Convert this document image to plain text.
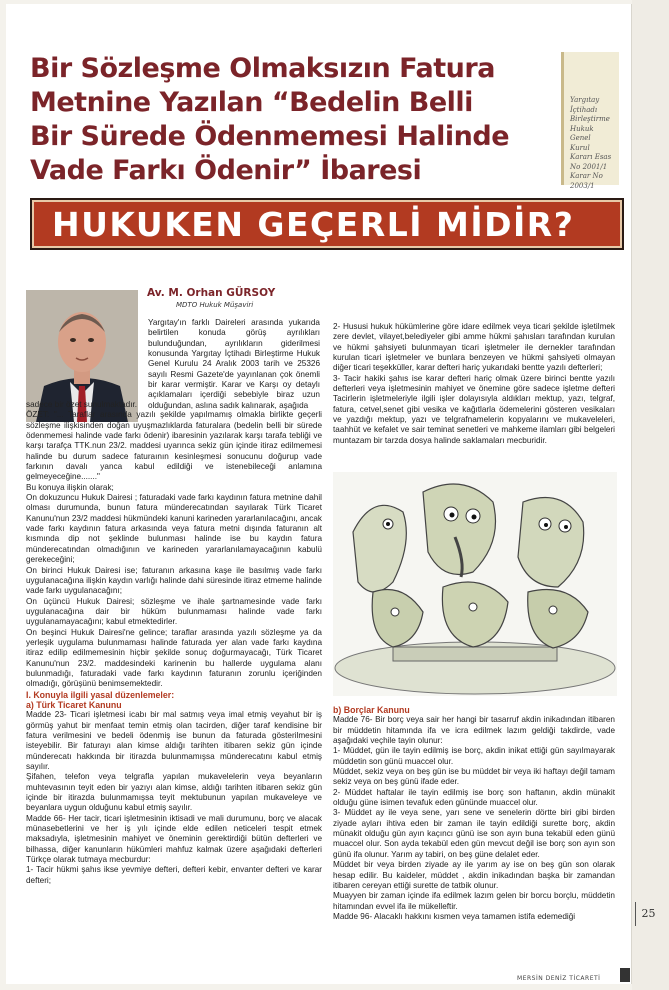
Bir Sözleşme Olmaksızın Fatura
Metnine Yazılan “Bedelin Belli
Bir Sürede Ödenmemesi Halinde
Vade Farkı Ödenir” İbaresi
Yargıtay
İçtihadı
Birleştirme
Hukuk Genel
Kurul
Kararı Esas
No 2001/1
Karar No
2003/1
HUKUKEN GEÇERLİ MİDİR?
Av. M. Orhan GÜRSOY
MDTO Hukuk Müşaviri

Yargıtay'ın farklı Daireleri arasında yukarıda belirtilen konuda görüş ayrılıkları bulunduğundan, ayrılıkların giderilmesi konusunda Yargıtay İçtihadı Birleştirme Hukuk Genel Kurulu 24 Aralık 2003 tarih ve 25326 sayılı Resmi Gazete'de yayınlanan çok önemli bir karar vermiştir. Karar ve Karşı oy detaylı açıklamaları içerdiği sebebiyle biraz uzun olduğundan, aslına sadık kalınarak, aşağıda

sadece bir özet sunulmaktadır.

ÖZET: "... Taraflar arasında yazılı şekilde yapılmamış olmakla birlikte geçerli sözleşme ilişkisinden doğan uyuşmazlıklarda faturalara (bedelin belli bir sürede ödenmemesi halinde vade farkı ödenir) ibaresinin yazılarak karşı tarafa tebliği ve karşı tarafça TTK.nun 23/2. maddesi uyarınca sekiz gün içinde itiraz edilmemesi halinde bu durum sadece faturaının kesinleşmesi sonucunu doğurup vade farkının davalı yanca kabul edildiği ve istenebileceği anlamına gelmeyeceğine......."

Bu konuya ilişkin olarak;

On dokuzuncu Hukuk Dairesi ; faturadaki vade farkı kaydının fatura metnine dahil olması durumunda, bunun fatura münderecatından sayılarak Türk Ticaret Kanunu'nun 23/2 maddesi hükmündeki kanuni karineden yararlanılacağını, ancak vade farkı kaydının fatura arkasında veya fatura metni dışında faturanın alt kısmında dip not şeklinde bulunması halinde ise bu kaydın fatura münderecatından olmadığının ve karineden yararlanılamayacağının kabulü gerekeceğini;

On birinci Hukuk Dairesi ise; faturanın arkasına kaşe ile basılmış vade farkı uygulanacağına ilişkin kaydın varlığı halinde dahi süresinde itiraz etmeme halinde vade farkı uygulanacağını;

On üçüncü Hukuk Dairesi; sözleşme ve ihale şartnamesinde vade farkı uygulanacağına dair bir hüküm bulunmaması halinde vade farkı uygulanamayacağını; kabul etmektedirler.

On beşinci Hukuk Dairesi'ne gelince; taraflar arasında yazılı sözleşme ya da yerleşik uygulama bulunmaması halinde faturada yer alan vade farkı kaydına itiraz edilip edilmemesinin hiçbir şekilde sonuç doğurmayacağı, Türk Ticaret Kanunu'nun 23/2. maddesindeki karinenin bu hallerde uygulama alanı bulunmadığı, faturadaki vade farkı kaydının faturanın zorunlu içeriğinden olmadığı, görüşünü benimsemektedir.

I. Konuyla ilgili yasal düzenlemeler:

a) Türk Ticaret Kanunu

Madde 23- Ticari işletmesi icabı bir mal satmış veya imal etmiş veyahut bir iş görmüş yahut bir menfaat temin etmiş olan tacirden, diğer taraf kendisine bir fatura verilmesini ve bedeli ödenmiş ise bunun da faturada gösterilmesini isteyebilir. Bir faturayı alan kimse aldığı tarihten itibaren sekiz gün içinde münderecatı hakkında bir itirazda bulunmamışsa münderecatını kabul etmiş sayılır.

Şifahen, telefon veya telgrafla yapılan mukavelelerin veya beyanların muhtevasının teyit eden bir yazıyı alan kimse, aldığı tarihten itibaren sekiz gün içinde bir itirazda bulunmamışsa teyit mektubunun yapılan mukaveleye ve beyanlara uygun olduğunu kabul etmiş sayılır.

Madde 66- Her tacir, ticari işletmesinin iktisadi ve mali durumunu, borç ve alacak münasebetlerini ve her iş yılı içinde elde edilen neticeleri tespit etmek maksadıyla, işletmesinin mahiyet ve öneminin gerektirdiği bütün defterleri ve bilhassa, diğer kanunların hükümleri mahfuz kalmak üzere aşağıdaki defterleri Türkçe olarak tutmaya mecburdur:

1- Tacir hükmi şahıs ikse yevmiye defteri, defteri kebir, envanter defteri ve karar defteri;

2- Hususi hukuk hükümlerine göre idare edilmek veya ticari şekilde işletilmek zere devlet, vilayet,belediyeler gibi amme hükmi şahısları tarafından kurulan ve hükmi şahsiyeti bulunmayan ticari işletmeler ile dernekler tarafından kurulan ticari işletmeler ve bunlara benzeyen ve hükmi şahsiyeti olmayan diğer ticari teşekküller, karar defteri hariç yukarıdaki bentte yazılı defterleri;

3- Tacir hakiki şahıs ise karar defteri hariç olmak üzere birinci bentte yazılı defterleri veya işletmesinin mahiyet ve önemine göre sadece işletme defteri Tacirlerin işletmeleriyle ilgili işler dolayısıyla aldıkları mektup, yazı, telgraf, fatura, cetvel,senet gibi vesika ve kağıtlarla ödemelerini gösteren vesikaları ve yazdığı mektup, yazı ve telgrafnamelerin kopyalarını ve mukaveleleri, taahhüt ve kefalet ve sair teminat senetleri ve mahkeme ilamları gibi belgeleri muntazam bir tarzda dosya halinde saklamaları mecburidir.

b) Borçlar Kanunu

Madde 76- Bir borç veya sair her hangi bir tasarruf akdin inikadından itibaren bir müddetin hitamında ifa ve icra edilmek lazım geldiği takdirde, vade aşağıdaki veçhile tayin olunur:

1- Müddet, gün ile tayin edilmiş ise borç, akdin inikat ettiği gün sayılmayarak müddetin son günü muaccel olur.

Müddet, sekiz veya on beş gün ise bu müddet bir veya iki haftayı değil tamam sekiz veya on beş günü ifade eder.

2- Müddet haftalar ile tayin edilmiş ise borç son haftanın, akdin münakit olduğu güne isimen tevafuk eden gününde muaccel olur.

3- Müddet ay ile veya sene, yarı sene ve senelerin dörtte biri gibi birden ziyade ayları ihtiva eden bir zaman ile tayin edildiği surette borç, akdin münakit olduğu gün ayın kaçıncı günü ise son ayın buna tekabül eden günü muaccel olur. Son ayda tekabül eden gün mevcut değil ise borç son ayın son günü ifa olunur. Yarım ay tabiri, on beş güne delalet eder.

Müddet bir veya birden ziyade ay ile yarım ay ise on beş gün son olarak hesap edilir. Bu kaideler, müddet , akdin inikadından başka bir zamandan itibaren cereyan ettiği surette de tatbik olunur.

Muayyen bir zaman içinde ifa edilmek lazım gelen bir borcu borçlu, müddetin hitamından evvel ifa ile mükelleftir.

Madde 96- Alacaklı hakkını kısmen veya tamamen istifa edemediği

MERSİN DENİZ TİCARETİ
25
